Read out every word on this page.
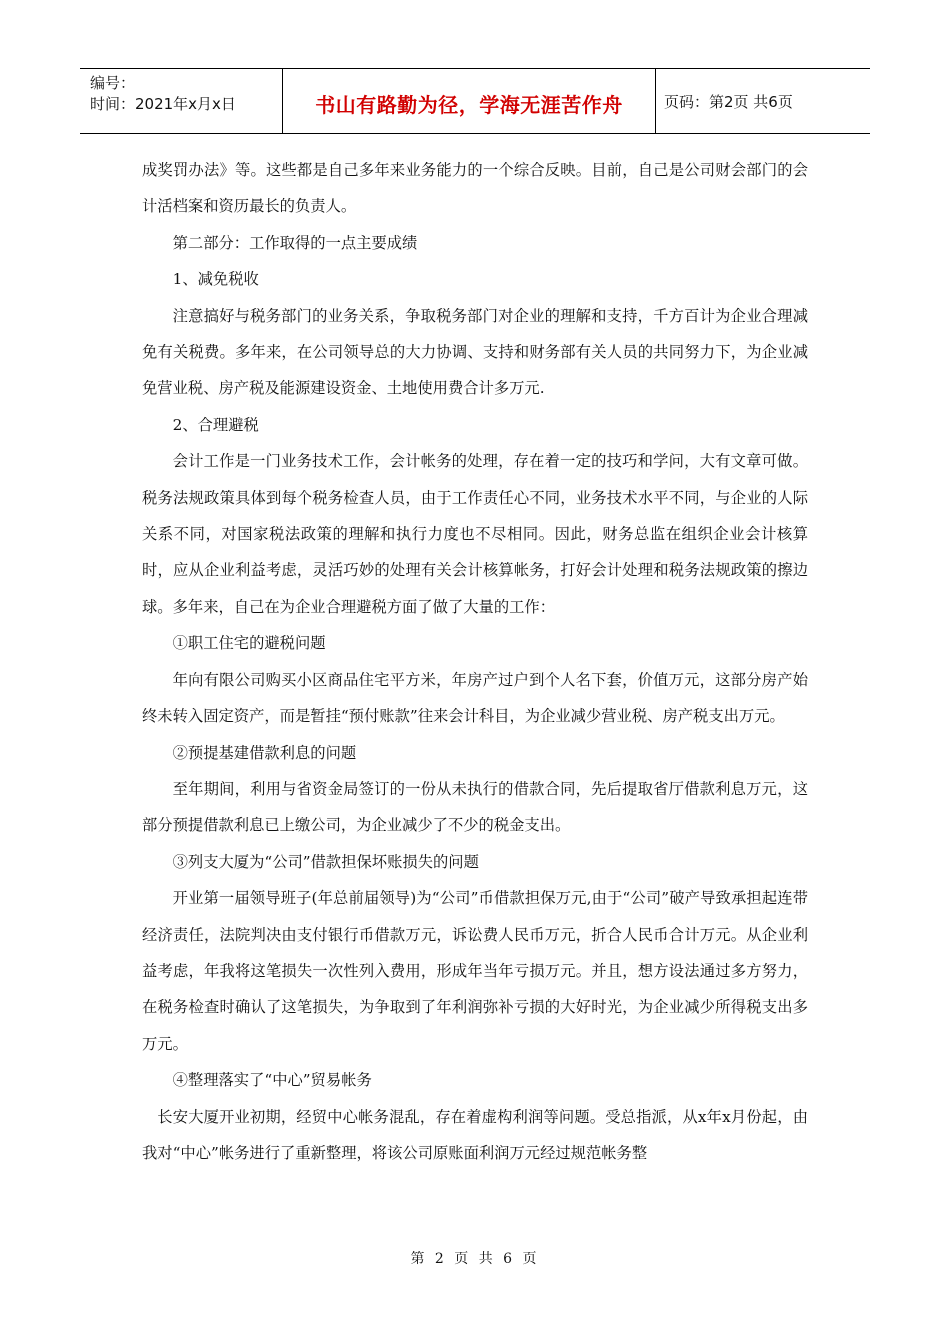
编号：
时间：2021年x月x日	书山有路勤为径，学海无涯苦作舟	页码：第2页 共6页

成奖罚办法》等。这些都是自己多年来业务能力的一个综合反映。目前，自己是公司财会部门的会计活档案和资历最长的负责人。

第二部分：工作取得的一点主要成绩

1、减免税收

注意搞好与税务部门的业务关系，争取税务部门对企业的理解和支持，千方百计为企业合理减免有关税费。多年来，在公司领导总的大力协调、支持和财务部有关人员的共同努力下，为企业减免营业税、房产税及能源建设资金、土地使用费合计多万元.

2、合理避税

会计工作是一门业务技术工作，会计帐务的处理，存在着一定的技巧和学问，大有文章可做。税务法规政策具体到每个税务检查人员，由于工作责任心不同，业务技术水平不同，与企业的人际关系不同，对国家税法政策的理解和执行力度也不尽相同。因此，财务总监在组织企业会计核算时，应从企业利益考虑，灵活巧妙的处理有关会计核算帐务，打好会计处理和税务法规政策的擦边球。多年来，自己在为企业合理避税方面了做了大量的工作：

①职工住宅的避税问题

年向有限公司购买小区商品住宅平方米，年房产过户到个人名下套，价值万元，这部分房产始终未转入固定资产，而是暂挂“预付账款”往来会计科目，为企业减少营业税、房产税支出万元。

②预提基建借款利息的问题

至年期间，利用与省资金局签订的一份从未执行的借款合同，先后提取省厅借款利息万元，这部分预提借款利息已上缴公司，为企业减少了不少的税金支出。

③列支大厦为“公司”借款担保坏账损失的问题

开业第一届领导班子(年总前届领导)为“公司”币借款担保万元,由于“公司”破产导致承担起连带经济责任，法院判决由支付银行币借款万元，诉讼费人民币万元，折合人民币合计万元。从企业利益考虑，年我将这笔损失一次性列入费用，形成年当年亏损万元。并且，想方设法通过多方努力，在税务检查时确认了这笔损失，为争取到了年利润弥补亏损的大好时光，为企业减少所得税支出多万元。

④整理落实了“中心”贸易帐务

长安大厦开业初期，经贸中心帐务混乱，存在着虚构利润等问题。受总指派，从x年x月份起，由我对“中心”帐务进行了重新整理，将该公司原账面利润万元经过规范帐务整

第 2 页 共 6 页
